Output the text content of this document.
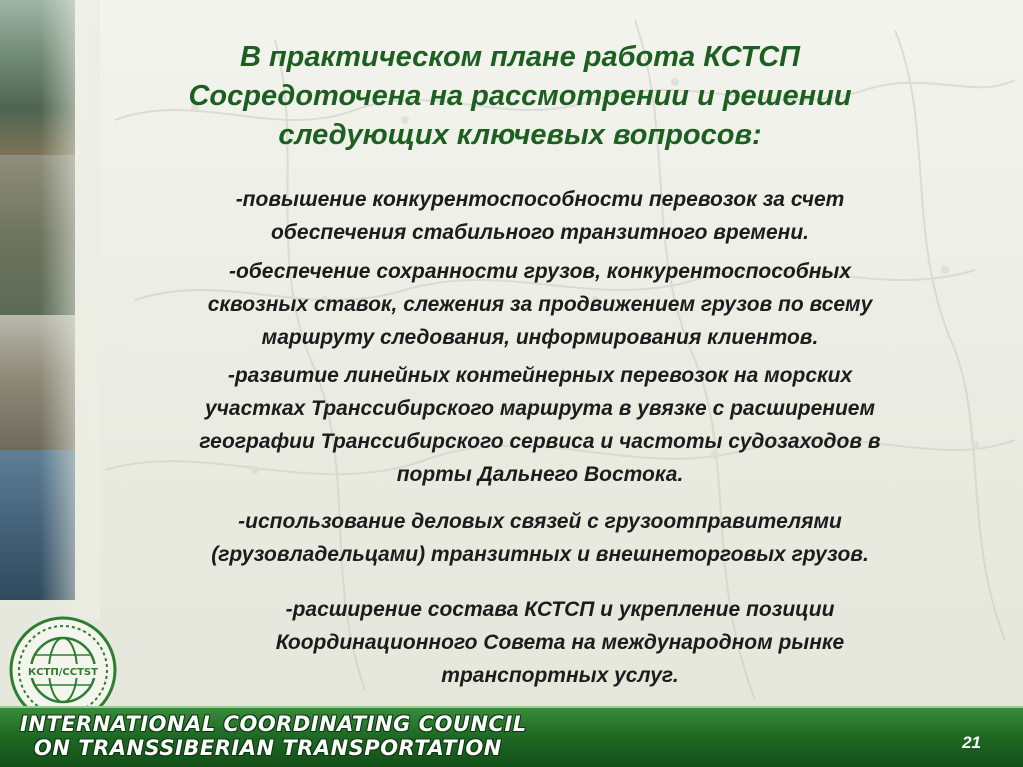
КСТП/CCTST
В практическом плане работа КСТСП
Сосредоточена на рассмотрении и решении
следующих ключевых вопросов:
-повышение конкурентоспособности перевозок за счет
обеспечения стабильного транзитного времени.
-обеспечение сохранности грузов, конкурентоспособных
сквозных ставок, слежения за продвижением грузов по всему
маршруту следования, информирования клиентов.
-развитие линейных контейнерных перевозок на морских
участках Транссибирского маршрута в увязке с расширением
географии Транссибирского сервиса и частоты судозаходов в
порты Дальнего Востока.
-использование деловых связей с грузоотправителями
(грузовладельцами) транзитных и внешнеторговых грузов.
-расширение состава КСТСП и укрепление позиции
Координационного Совета на международном рынке
транспортных услуг.
INTERNATIONAL COORDINATING COUNCIL
ON TRANSSIBERIAN TRANSPORTATION	21
